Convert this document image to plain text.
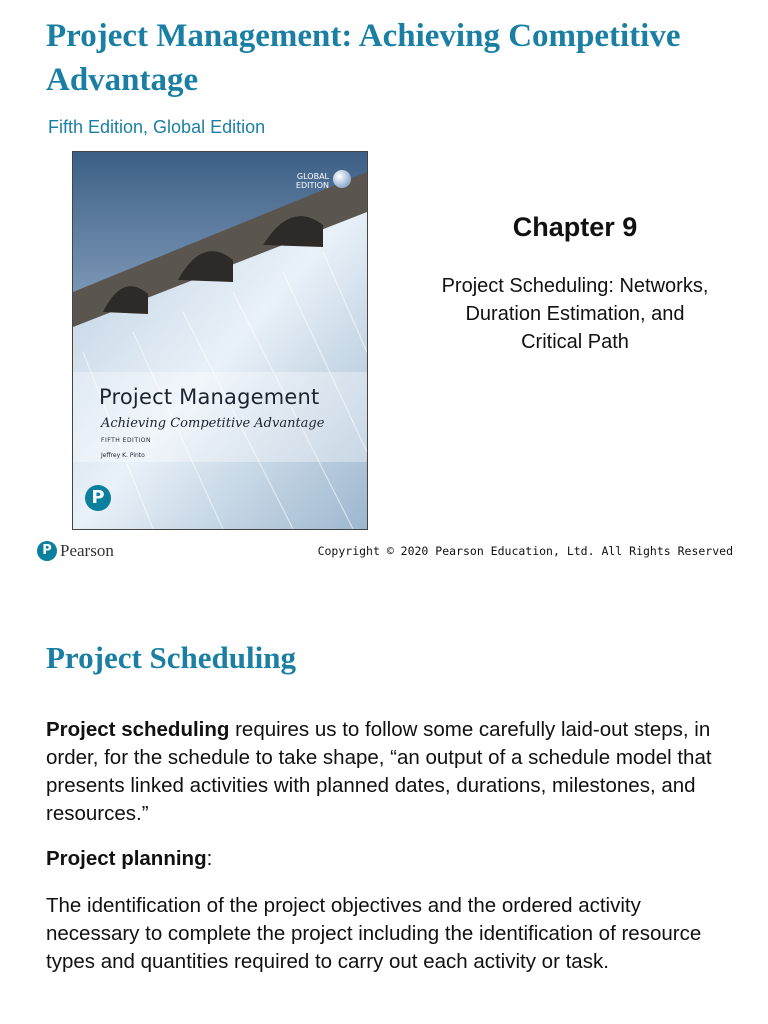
Project Management: Achieving Competitive Advantage
Fifth Edition, Global Edition
GLOBAL
EDITION
Project Management
Achieving Competitive Advantage
FIFTH EDITION
Jeffrey K. Pinto
P
Chapter 9
Project Scheduling: Networks, Duration Estimation, and Critical Path
P Pearson	Copyright © 2020 Pearson Education, Ltd. All Rights Reserved
Project Scheduling

Project scheduling requires us to follow some carefully laid-out steps, in order, for the schedule to take shape, “an output of a schedule model that presents linked activities with planned dates, durations, milestones, and resources.”

Project planning:

The identification of the project objectives and the ordered activity necessary to complete the project including the identification of resource types and quantities required to carry out each activity or task.
